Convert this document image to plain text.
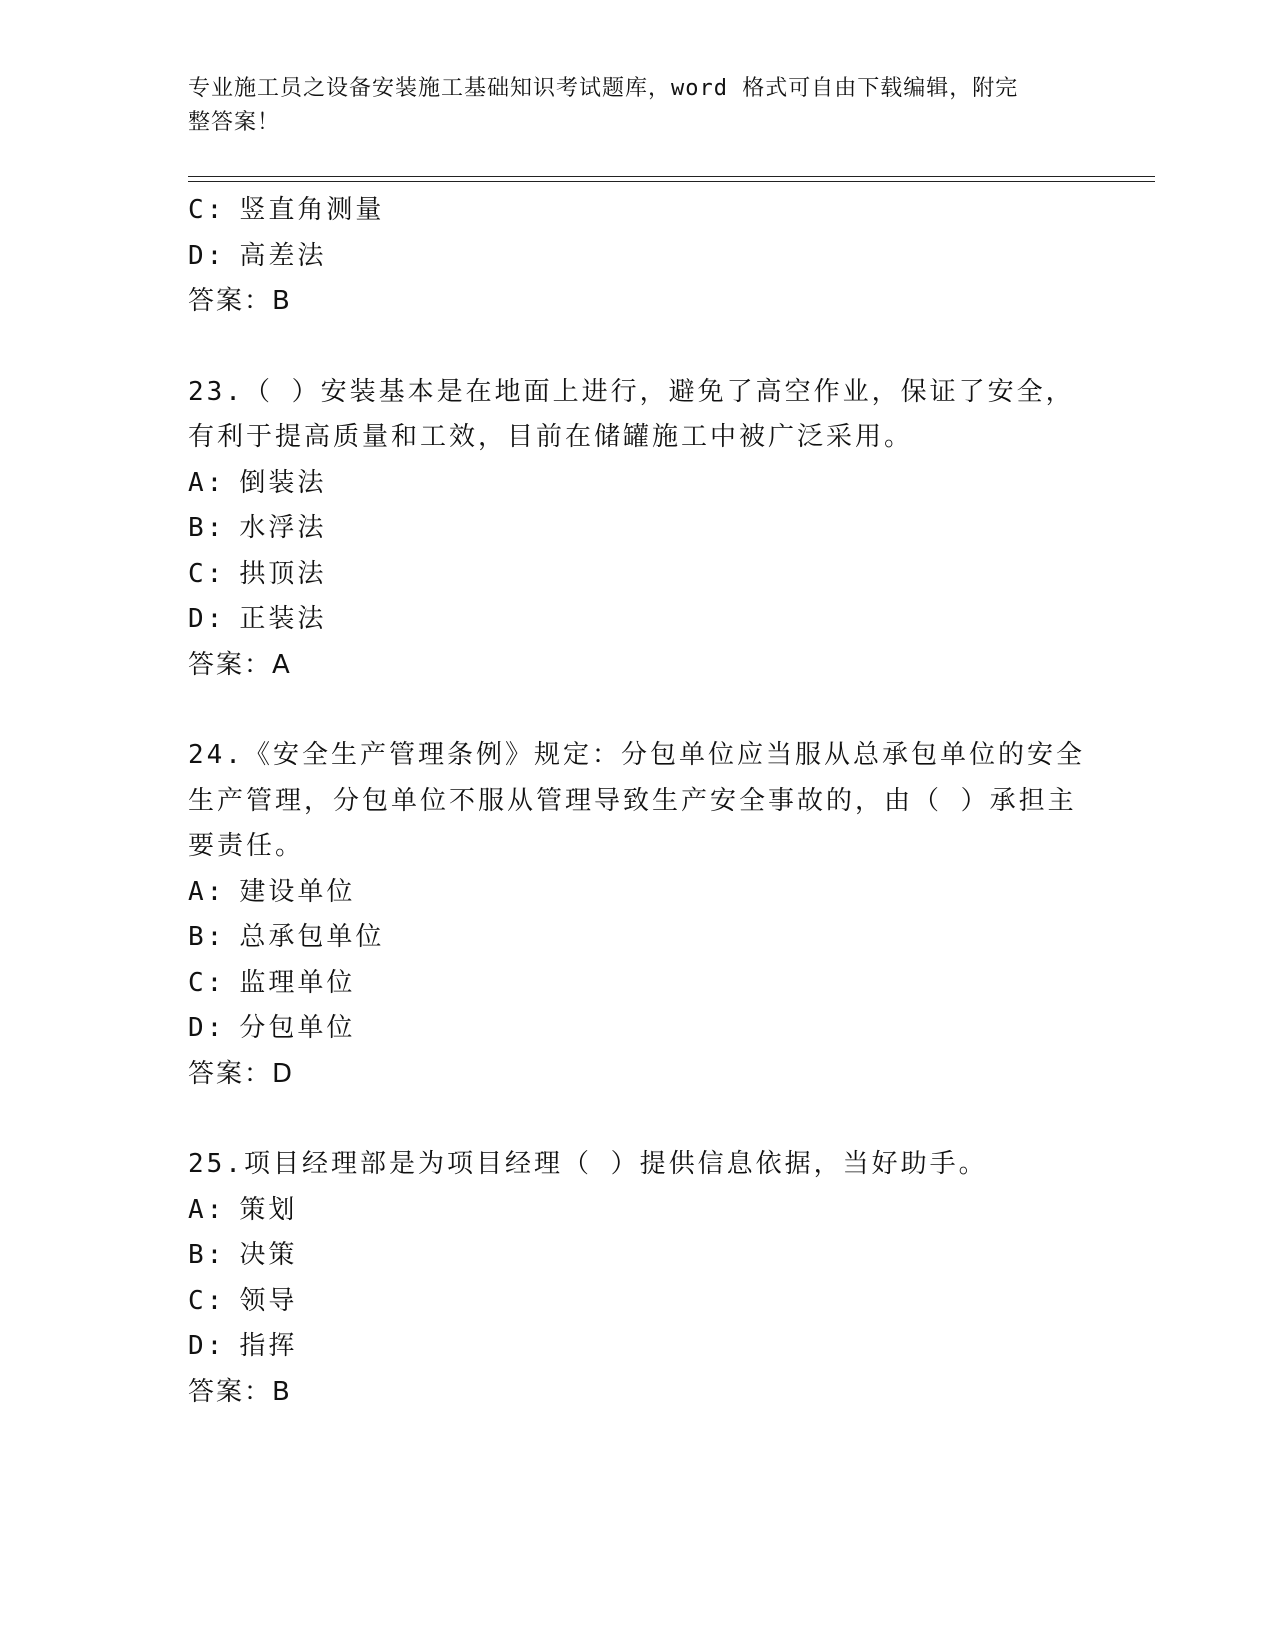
专业施工员之设备安装施工基础知识考试题库，word 格式可自由下载编辑，附完
整答案！
C: 竖直角测量
D: 高差法
答案：B
23.（ ）安装基本是在地面上进行，避免了高空作业，保证了安全，
有利于提高质量和工效，目前在储罐施工中被广泛采用。
A: 倒装法
B: 水浮法
C: 拱顶法
D: 正装法
答案：A
24.《安全生产管理条例》规定：分包单位应当服从总承包单位的安全
生产管理，分包单位不服从管理导致生产安全事故的，由（ ）承担主
要责任。
A: 建设单位
B: 总承包单位
C: 监理单位
D: 分包单位
答案：D
25.项目经理部是为项目经理（ ）提供信息依据，当好助手。
A: 策划
B: 决策
C: 领导
D: 指挥
答案：B
